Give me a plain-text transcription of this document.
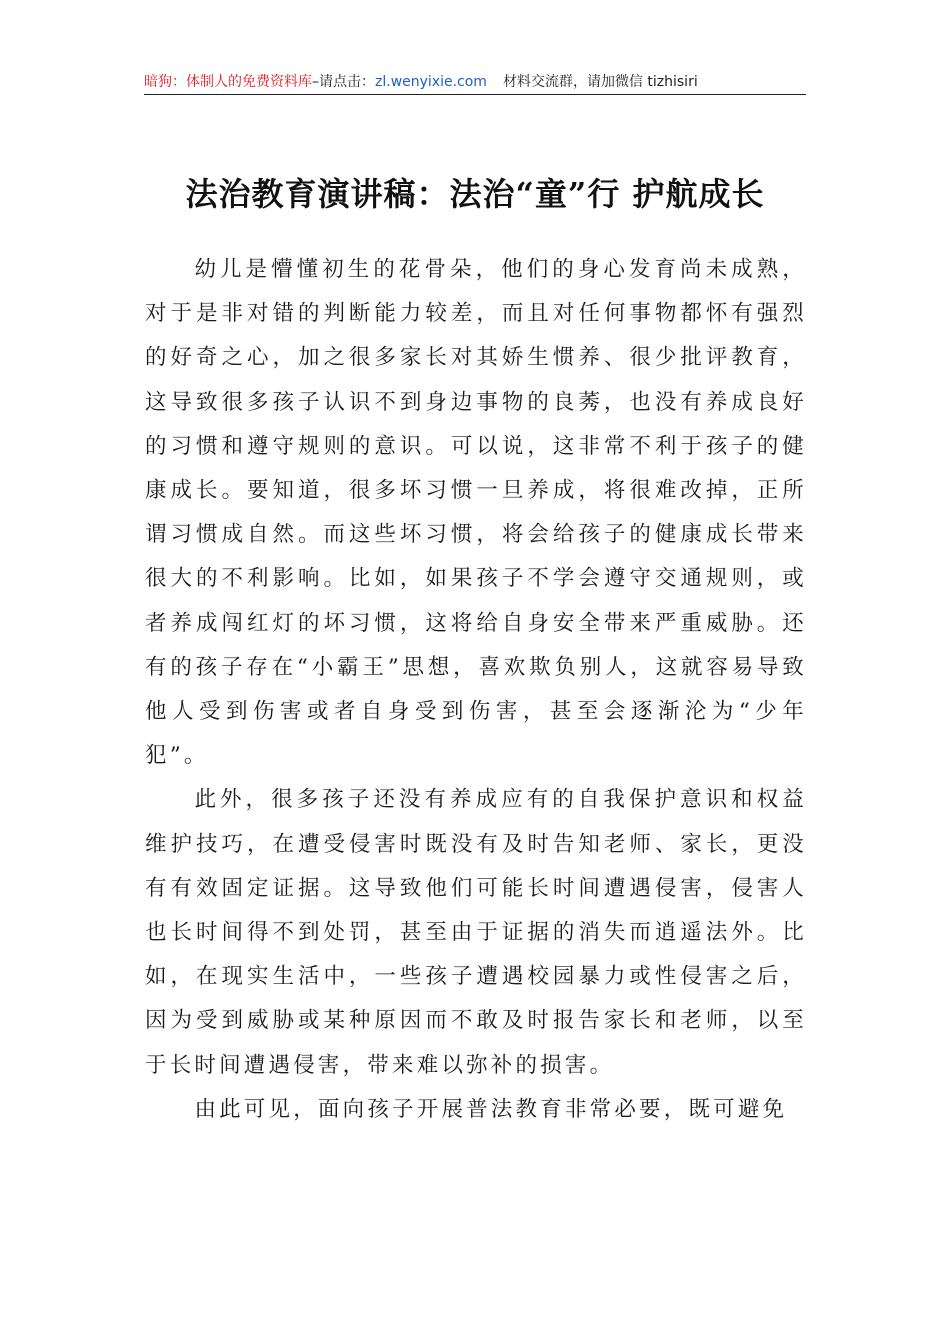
暗狗：体制人的免费资料库–请点击：zl.wenyixie.com 材料交流群，请加微信 tizhisiri
法治教育演讲稿：法治“童”行 护航成长

幼儿是懵懂初生的花骨朵，他们的身心发育尚未成熟，对于是非对错的判断能力较差，而且对任何事物都怀有强烈的好奇之心，加之很多家长对其娇生惯养、很少批评教育，这导致很多孩子认识不到身边事物的良莠，也没有养成良好的习惯和遵守规则的意识。可以说，这非常不利于孩子的健康成长。要知道，很多坏习惯一旦养成，将很难改掉，正所谓习惯成自然。而这些坏习惯，将会给孩子的健康成长带来很大的不利影响。比如，如果孩子不学会遵守交通规则，或者养成闯红灯的坏习惯，这将给自身安全带来严重威胁。还有的孩子存在“小霸王”思想，喜欢欺负别人，这就容易导致他人受到伤害或者自身受到伤害，甚至会逐渐沦为“少年犯”。

此外，很多孩子还没有养成应有的自我保护意识和权益维护技巧，在遭受侵害时既没有及时告知老师、家长，更没有有效固定证据。这导致他们可能长时间遭遇侵害，侵害人也长时间得不到处罚，甚至由于证据的消失而逍遥法外。比如，在现实生活中，一些孩子遭遇校园暴力或性侵害之后，因为受到威胁或某种原因而不敢及时报告家长和老师，以至于长时间遭遇侵害，带来难以弥补的损害。

由此可见，面向孩子开展普法教育非常必要，既可避免
